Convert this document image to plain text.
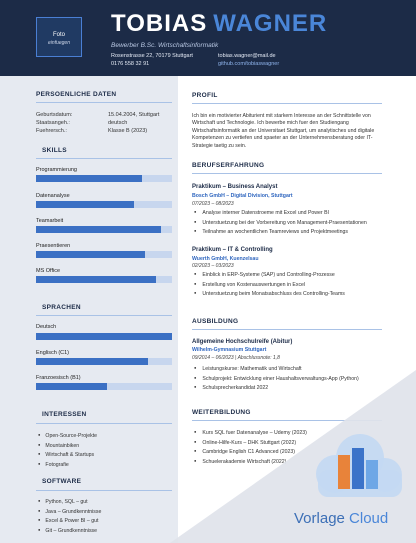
Foto
einfuegen
TOBIAS WAGNER
Bewerber B.Sc. Wirtschaftsinformatik
Rosenstrasse 22, 70179 Stuttgart
0176 558 32 91
tobias.wagner@mail.de
github.com/tobiaswagner
PERSOENLICHE DATEN
Geburtsdatum:	15.04.2004, Stuttgart
Staatsangeh.:	deutsch
Fuehrersch.:	Klasse B (2023)
SKILLS
Programmierung
Datenanalyse
Teamarbeit
Praesentieren
MS Office
SPRACHEN
Deutsch
Englisch (C1)
Franzoesisch (B1)
INTERESSEN
● Open-Source-Projekte
● Mountainbiken
● Wirtschaft & Startups
● Fotografie
SOFTWARE
● Python, SQL – gut
● Java – Grundkenntnisse
● Excel & Power BI – gut
● Git – Grundkenntnisse
PROFIL
Ich bin ein motivierter Abiturient mit starkem Interesse an der Schnittstelle von Wirtschaft und Technologie. Ich bewerbe mich fuer den Studiengang Wirtschaftsinformatik an der Universitaet Stuttgart, um analytisches und digitale Kompetenzen zu vertiefen und spaeter an der Unternehmensberatung oder IT-Strategie taetig zu sein.
BERUFSERFAHRUNG
Praktikum – Business Analyst
Bosch GmbH – Digital Division, Stuttgart
07/2023 – 08/2023
● Analyse interner Datenstroeme mit Excel und Power BI
● Unterstuetzung bei der Vorbereitung von Management-Praesentationen
● Teilnahme an wochentlichen Teamreviews und Projektmeetings
Praktikum – IT & Controlling
Wuerth GmbH, Kuenzelsau
02/2023 – 03/2023
● Einblick in ERP-Systeme (SAP) und Controlling-Prozesse
● Erstellung von Kostenauswertungen in Excel
● Unterstuetzung beim Monatsabschluss des Controlling-Teams
AUSBILDUNG
Allgemeine Hochschulreife (Abitur)
Wilhelm-Gymnasium Stuttgart
09/2014 – 06/2023 | Abschlussnote: 1,8
● Leistungskurse: Mathematik und Wirtschaft
● Schulprojekt: Entwicklung einer Haushaltsverwaltungs-App (Python)
● Schulsprecherkandidat 2022
WEITERBILDUNG
● Kurs SQL fuer Datenanalyse – Udemy (2023)
● Online-Hilfe-Kurs – DHK Stuttgart (2022)
● Cambridge English C1 Advanced (2023)
● Schuelerakademie Wirtschaft (2022)
Vorlage Cloud
